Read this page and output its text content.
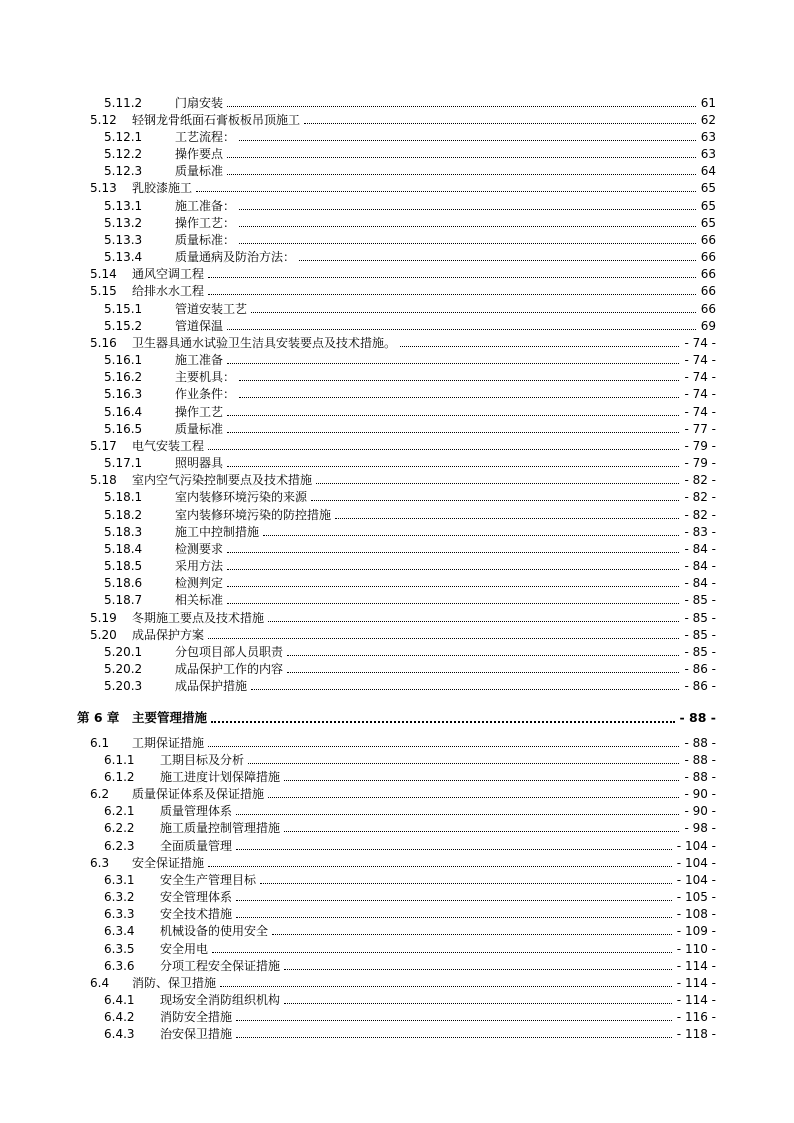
5.11.2	门扇安装	61
5.12 轻钢龙骨纸面石膏板板吊顶施工	62
5.12.1	工艺流程：	63
5.12.2	操作要点	63
5.12.3	质量标准	64
5.13 乳胶漆施工	65
5.13.1	施工准备：	65
5.13.2	操作工艺：	65
5.13.3	质量标准：	66
5.13.4	质量通病及防治方法：	66
5.14 通风空调工程	66
5.15 给排水水工程	66
5.15.1	管道安装工艺	66
5.15.2	管道保温	69
5.16 卫生器具通水试验卫生洁具安装要点及技术措施。	- 74 -
5.16.1	施工准备	- 74 -
5.16.2	主要机具：	- 74 -
5.16.3	作业条件：	- 74 -
5.16.4	操作工艺	- 74 -
5.16.5	质量标准	- 77 -
5.17 电气安装工程	- 79 -
5.17.1	照明器具	- 79 -
5.18 室内空气污染控制要点及技术措施	- 82 -
5.18.1	室内装修环境污染的来源	- 82 -
5.18.2	室内装修环境污染的防控措施	- 82 -
5.18.3	施工中控制措施	- 83 -
5.18.4	检测要求	- 84 -
5.18.5	采用方法	- 84 -
5.18.6	检测判定	- 84 -
5.18.7	相关标准	- 85 -
5.19 冬期施工要点及技术措施	- 85 -
5.20 成品保护方案	- 85 -
5.20.1	分包项目部人员职责	- 85 -
5.20.2	成品保护工作的内容	- 86 -
5.20.3	成品保护措施	- 86 -
第 6 章 主要管理措施	- 88 -
6.1 工期保证措施	- 88 -
6.1.1 工期目标及分析	- 88 -
6.1.2 施工进度计划保障措施	- 88 -
6.2 质量保证体系及保证措施	- 90 -
6.2.1 质量管理体系	- 90 -
6.2.2 施工质量控制管理措施	- 98 -
6.2.3 全面质量管理	- 104 -
6.3 安全保证措施	- 104 -
6.3.1 安全生产管理目标	- 104 -
6.3.2 安全管理体系	- 105 -
6.3.3 安全技术措施	- 108 -
6.3.4 机械设备的使用安全	- 109 -
6.3.5 安全用电	- 110 -
6.3.6 分项工程安全保证措施	- 114 -
6.4 消防、保卫措施	- 114 -
6.4.1 现场安全消防组织机构	- 114 -
6.4.2 消防安全措施	- 116 -
6.4.3 治安保卫措施	- 118 -
